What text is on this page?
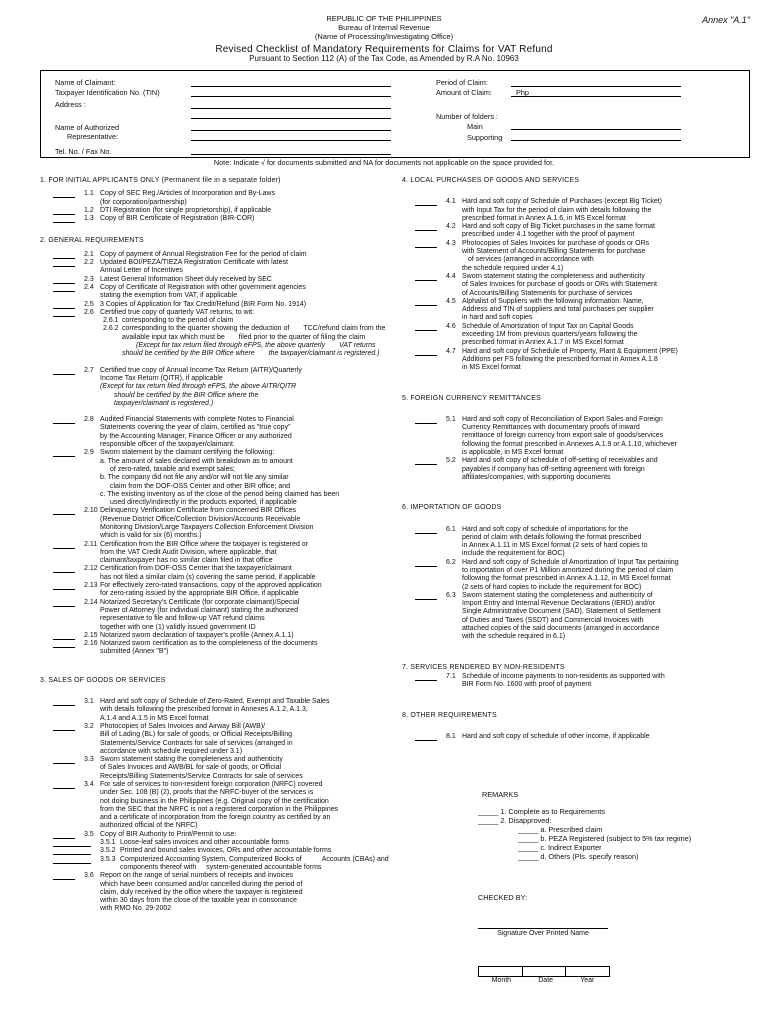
Annex "A.1"
REPUBLIC OF THE PHILIPPINES
Bureau of Internal Revenue
(Name of Processing/Investigating Office)
Revised Checklist of Mandatory Requirements for Claims for VAT Refund
Pursuant to Section 112 (A) of the Tax Code, as Amended by R.A No. 10963
Name of Claimant:
Taxpayer Identification No. (TIN)
Address :
Name of Authorized
Representative:
Tel. No. / Fax No.
Period of Claim:
Amount of Claim:	Php
Number of folders :
Main
Supporting
Note: Indicate √ for documents submitted and NA for documents not applicable on the space provided for.
1. FOR INITIAL APPLICANTS ONLY (Permanent file in a separate folder)
1.1 Copy of SEC Reg./Articles of Incorporation and By-Laws
(for corporation/partnership)
1.2 DTI Registration (for single proprietorship), if applicable
1.3 Copy of BIR Certificate of Registration (BIR-COR)
2. GENERAL REQUIREMENTS
2.1 Copy of payment of Annual Registration Fee for the period of claim
2.2 Updated BOI/PEZA/TIEZA Registration Certificate with latest
Annual Letter of Incentives
2.3 Latest General Information Sheet duly received by SEC
2.4 Copy of Certificate of Registration with other government agencies
stating the exemption from VAT, if applicable
2.5 3 Copies of Application for Tax Credit/Refund (BIR Form No. 1914)
2.6 Certified true copy of quarterly VAT returns, to wit:
2.6.1 corresponding to the period of claim
2.6.2 corresponding to the quarter showing the deduction of TCC/refund claim from the available input tax which must be filed prior to the quarter of filing the claim
(Except for tax return filed through eFPS, the above quarterly VAT returns should be certified by the BIR Office where the taxpayer/claimant is registered.)
2.7 Certified true copy of Annual Income Tax Return (AITR)/Quarterly
Income Tax Return (QITR), if applicable
(Except for tax return filed through eFPS, the above AITR/QITR
should be certified by the BIR Office where the
taxpayer/claimant is registered.)
2.8 Audited Financial Statements with complete Notes to Financial
Statements covering the year of claim, certified as "true copy"
by the Accounting Manager, Finance Officer or any authorized
responsible officer of the taxpayer/claimant.
2.9 Sworn statement by the claimant certifying the following:
a. The amount of sales declared with breakdown as to amount
of zero-rated, taxable and exempt sales;
b. The company did not file any and/or will not file any similar
claim from the DOF-OSS Center and other BIR office; and
c. The existing inventory as of the close of the period being claimed has been
used directly/indirectly in the products exported, if applicable
2.10 Delinquency Verification Certificate from concerned BIR Offices
(Revenue District Office/Collection Division/Accounts Receivable
Monitoring Division/Large Taxpayers Collection Enforcement Division
which is valid for six (6) months.)
2.11 Certification from the BIR Office where the taxpayer is registered or
from the VAT Credit Audit Division, where applicable, that
claimant/taxpayer has no similar claim filed in that office
2.12 Certification from DOF-OSS Center that the taxpayer/claimant
has not filed a similar claim (s) covering the same period, if applicable
2.13 For effectively zero-rated transactions, copy of the approved application
for zero-rating issued by the appropriate BIR Office, if applicable
2.14 Notarized Secretary's Certificate (for corporate claimant)/Special
Power of Attorney (for individual claimant) stating the authorized
representative to file and follow-up VAT refund claims
together with one (1) validly issued government ID
2.15 Notarized sworn declaration of taxpayer's profile (Annex A.1.1)
2.16 Notarized sworn certification as to the completeness of the documents
submitted (Annex "B")
3. SALES OF GOODS OR SERVICES
3.1 Hard and soft copy of Schedule of Zero-Rated, Exempt and Taxable Sales
with details following the prescribed format in Annexes A.1.2, A.1.3,
A.1.4 and A.1.5 in MS Excel format
3.2 Photocopies of Sales Invoices and Airway Bill (AWB)/
Bill of Lading (BL) for sale of goods, or Official Receipts/Billing
Statements/Service Contracts for sale of services (arranged in
accordance with schedule required under 3.1)
3.3 Sworn statement stating the completeness and authenticity
of Sales Invoices and AWB/BL for sale of goods, or Official
Receipts/Billing Statements/Service Contracts for sale of services
3.4 For sale of services to non-resident foreign corporation (NRFC) covered
under Sec. 108 (B) (2), proofs that the NRFC-buyer of the services is
not doing business in the Philippines (e.g. Original copy of the certification
from the SEC that the NRFC is not a registered corporation in the Philippines
and a certificate of incorporation from the foreign country as certified by an
authorized official of the NRFC)
3.5 Copy of BIR Authority to Print/Permit to use:
3.5.1 Loose-leaf sales invoices and other accountable forms
3.5.2 Printed and bound sales invoices, ORs and other accountable forms
3.5.3 Computerized Accounting System, Computerized Books of	Accounts (CBAs) and components thereof with system-generated accountable forms
3.6 Report on the range of serial numbers of receipts and invoices
which have been consumed and/or cancelled during the period of
claim, duly received by the office where the taxpayer is registered
within 30 days from the close of the taxable year in consonance
with RMO No. 29-2002
4. LOCAL PURCHASES OF GOODS AND SERVICES
4.1 Hard and soft copy of Schedule of Purchases (except Big Ticket)
with Input Tax for the period of claim with details following the
prescribed format in Annex A.1.6, in MS Excel format
4.2 Hard and soft copy of Big Ticket purchases in the same format
prescribed under 4.1 together with the proof of payment
4.3 Photocopies of Sales Invoices for purchase of goods or ORs
with Statement of Accounts/Billing Statements for purchase
of services (arranged in accordance with
the schedule required under 4.1)
4.4 Sworn statement stating the completeness and authenticity
of Sales Invoices for purchase of goods or ORs with Statement
of Accounts/Billing Statements for purchase of services
4.5 Alphalist of Suppliers with the following information: Name,
Address and TIN of suppliers and total purchases per supplier
in hard and soft copies
4.6 Schedule of Amortization of Input Tax on Capital Goods
exceeding 1M from previous quarters/years following the
prescribed format in Annex A.1.7 in MS Excel format
4.7 Hard and soft copy of Schedule of Property, Plant & Equipment (PPE)
Additions per FS following the prescribed format in Annex A.1.8
in MS Excel format
5. FOREIGN CURRENCY REMITTANCES
5.1 Hard and soft copy of Reconciliation of Export Sales and Foreign
Currency Remittances with documentary proofs of inward
remittance of foreign currency from export sale of goods/services
following the format prescribed in Annexes A.1.9 or A.1.10, whichever
is applicable, in MS Excel format
5.2 Hard and soft copy of schedule of off-setting of receivables and
payables if company has off-setting agreement with foreign
affiliates/companies, with supporting documents
6. IMPORTATION OF GOODS
6.1 Hard and soft copy of schedule of importations for the
period of claim with details following the format prescribed
in Annex A.1.11 in MS Excel format (2 sets of hard copies to
include the requirement for BOC)
6.2 Hard and soft copy of Schedule of Amortization of Input Tax pertaining
to importation of over P1 Million amortized during the period of claim
following the format prescribed in Annex A.1.12, in MS Excel format
(2 sets of hard copies to include the requirement for BOC)
6.3 Sworn statement stating the completeness and authenticity of
Import Entry and Internal Revenue Declarations (IERD) and/or
Single Administrative Document (SAD), Statement of Settlement
of Duties and Taxes (SSDT) and Commercial Invoices with
attached copies of the said documents (arranged in accordance
with the schedule required in 6.1)
7. SERVICES RENDERED BY NON-RESIDENTS
7.1 Schedule of income payments to non-residents as supported with
BIR Form No. 1600 with proof of payment
8. OTHER REQUIREMENTS
8.1 Hard and soft copy of schedule of other income, if applicable
REMARKS
_____ 1. Complete as to Requirements
_____ 2. Disapproved:
_____ a. Prescribed claim
_____ b. PEZA Registered (subject to 5% tax regime)
_____ c. Indirect Exporter
_____ d. Others (Pls. specify reason)
CHECKED BY:
Signature Over Printed Name
Month	Date	Year
